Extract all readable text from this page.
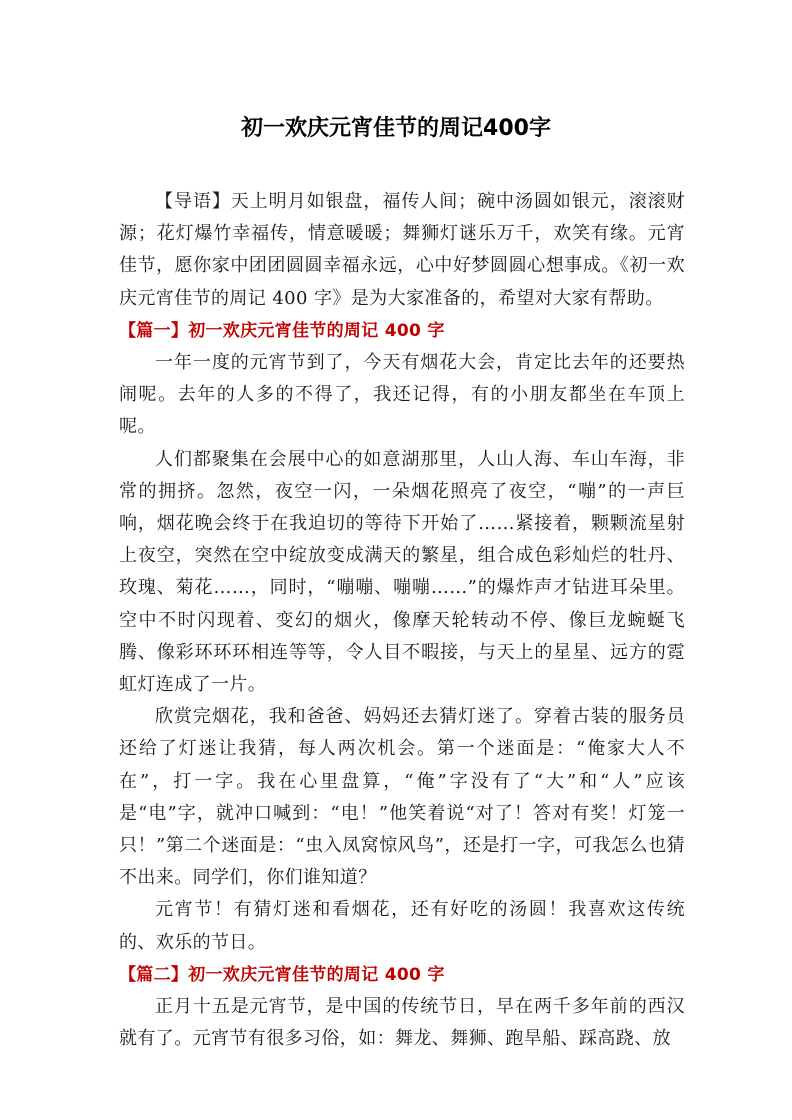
初一欢庆元宵佳节的周记400字

【导语】天上明月如银盘，福传人间；碗中汤圆如银元，滚滚财源；花灯爆竹幸福传，情意暖暖；舞狮灯谜乐万千，欢笑有缘。元宵佳节，愿你家中团团圆圆幸福永远，心中好梦圆圆心想事成。《初一欢庆元宵佳节的周记 400 字》是为大家准备的，希望对大家有帮助。

【篇一】初一欢庆元宵佳节的周记 400 字

一年一度的元宵节到了，今天有烟花大会，肯定比去年的还要热闹呢。去年的人多的不得了，我还记得，有的小朋友都坐在车顶上呢。

人们都聚集在会展中心的如意湖那里，人山人海、车山车海，非常的拥挤。忽然，夜空一闪，一朵烟花照亮了夜空，“嘣”的一声巨响，烟花晚会终于在我迫切的等待下开始了……紧接着，颗颗流星射上夜空，突然在空中绽放变成满天的繁星，组合成色彩灿烂的牡丹、玫瑰、菊花……，同时，“嘣嘣、嘣嘣……”的爆炸声才钻进耳朵里。空中不时闪现着、变幻的烟火，像摩天轮转动不停、像巨龙蜿蜒飞腾、像彩环环环相连等等，令人目不暇接，与天上的星星、远方的霓虹灯连成了一片。

欣赏完烟花，我和爸爸、妈妈还去猜灯迷了。穿着古装的服务员还给了灯迷让我猜，每人两次机会。第一个迷面是：“俺家大人不在”，打一字。我在心里盘算，“俺”字没有了“大”和“人”应该是“电”字，就冲口喊到：“电！”他笑着说“对了！答对有奖！灯笼一只！”第二个迷面是：“虫入凤窝惊风鸟”，还是打一字，可我怎么也猜不出来。同学们，你们谁知道？

元宵节！有猜灯迷和看烟花，还有好吃的汤圆！我喜欢这传统的、欢乐的节日。

【篇二】初一欢庆元宵佳节的周记 400 字

正月十五是元宵节，是中国的传统节日，早在两千多年前的西汉就有了。元宵节有很多习俗，如：舞龙、舞狮、跑旱船、踩高跷、放
